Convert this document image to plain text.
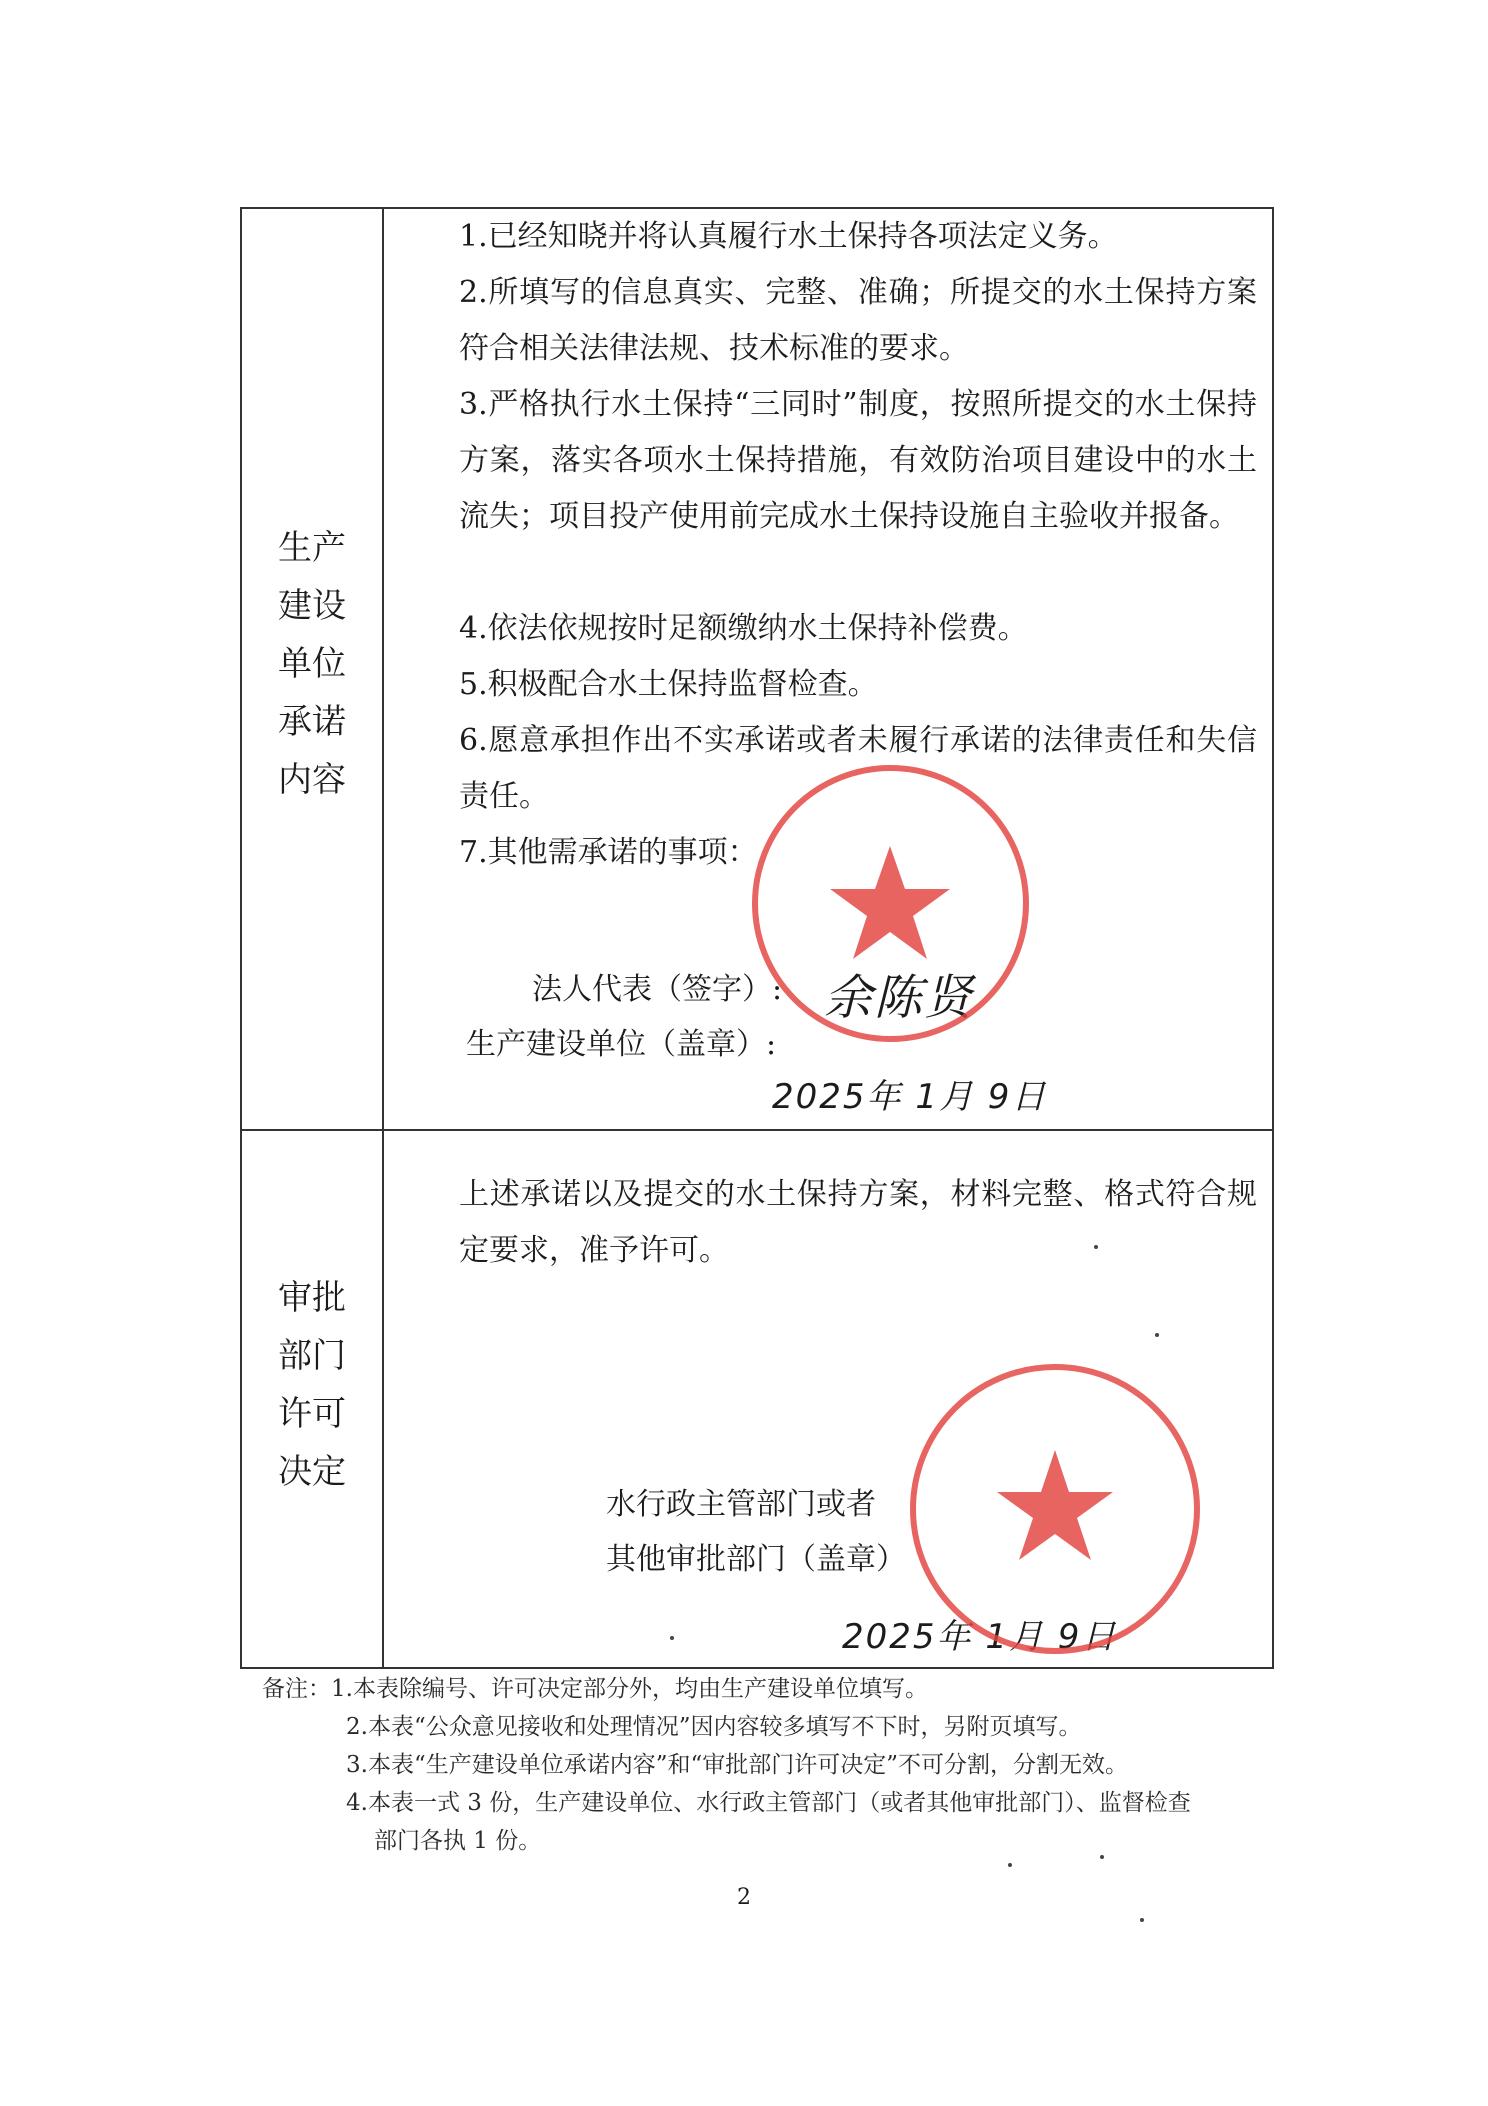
生产
建设
单位
承诺
内容
1.已经知晓并将认真履行水土保持各项法定义务。
2.所填写的信息真实、完整、准确；所提交的水土保持方案符合相关法律法规、技术标准的要求。
3.严格执行水土保持“三同时”制度，按照所提交的水土保持方案，落实各项水土保持措施，有效防治项目建设中的水土流失；项目投产使用前完成水土保持设施自主验收并报备。
4.依法依规按时足额缴纳水土保持补偿费。
5.积极配合水土保持监督检查。
6.愿意承担作出不实承诺或者未履行承诺的法律责任和失信责任。
7.其他需承诺的事项：
法人代表（签字）:
生产建设单位（盖章）:
余陈贤
2025年 1月 9日
审批
部门
许可
决定
上述承诺以及提交的水土保持方案，材料完整、格式符合规定要求，准予许可。
水行政主管部门或者
其他审批部门（盖章）
2025年 1月 9日
备注：1.本表除编号、许可决定部分外，均由生产建设单位填写。
2.本表“公众意见接收和处理情况”因内容较多填写不下时，另附页填写。
3.本表“生产建设单位承诺内容”和“审批部门许可决定”不可分割，分割无效。
4.本表一式 3 份，生产建设单位、水行政主管部门（或者其他审批部门）、监督检查
部门各执 1 份。
2
